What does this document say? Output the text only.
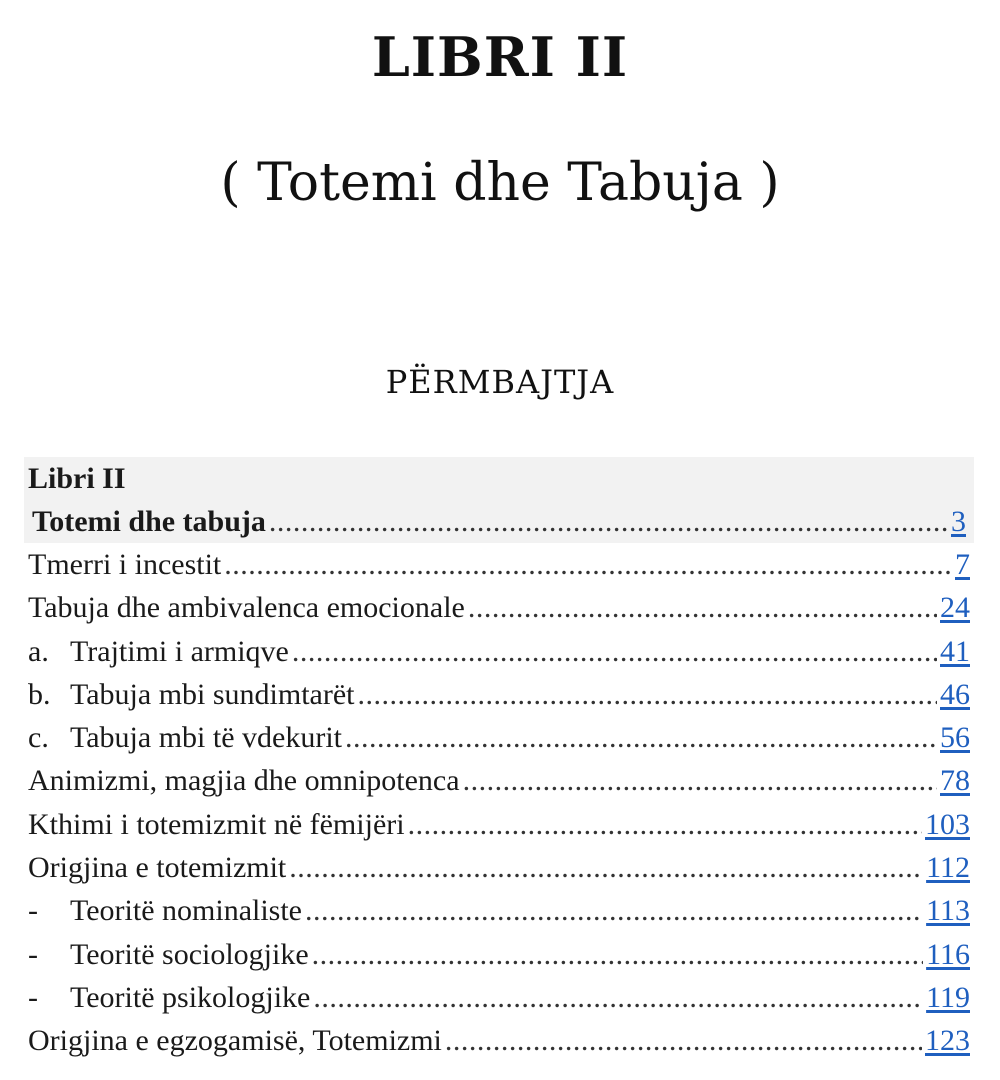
LIBRI II
( Totemi dhe Tabuja )
PËRMBAJTJA
Libri II
Totemi dhe tabuja .....	3
Tmerri i incestit .....	7
Tabuja dhe ambivalenca emocionale .....	24
a. Trajtimi i armiqve .....	41
b. Tabuja mbi sundimtarët .....	46
c. Tabuja mbi të vdekurit .....	56
Animizmi, magjia dhe omnipotenca .....	78
Kthimi i totemizmit në fëmijëri .....	103
Origjina e totemizmit .....	112
- Teoritë nominaliste .....	113
- Teoritë sociologjike .....	116
- Teoritë psikologjike .....	119
Origjina e egzogamisë, Totemizmi .....	123
